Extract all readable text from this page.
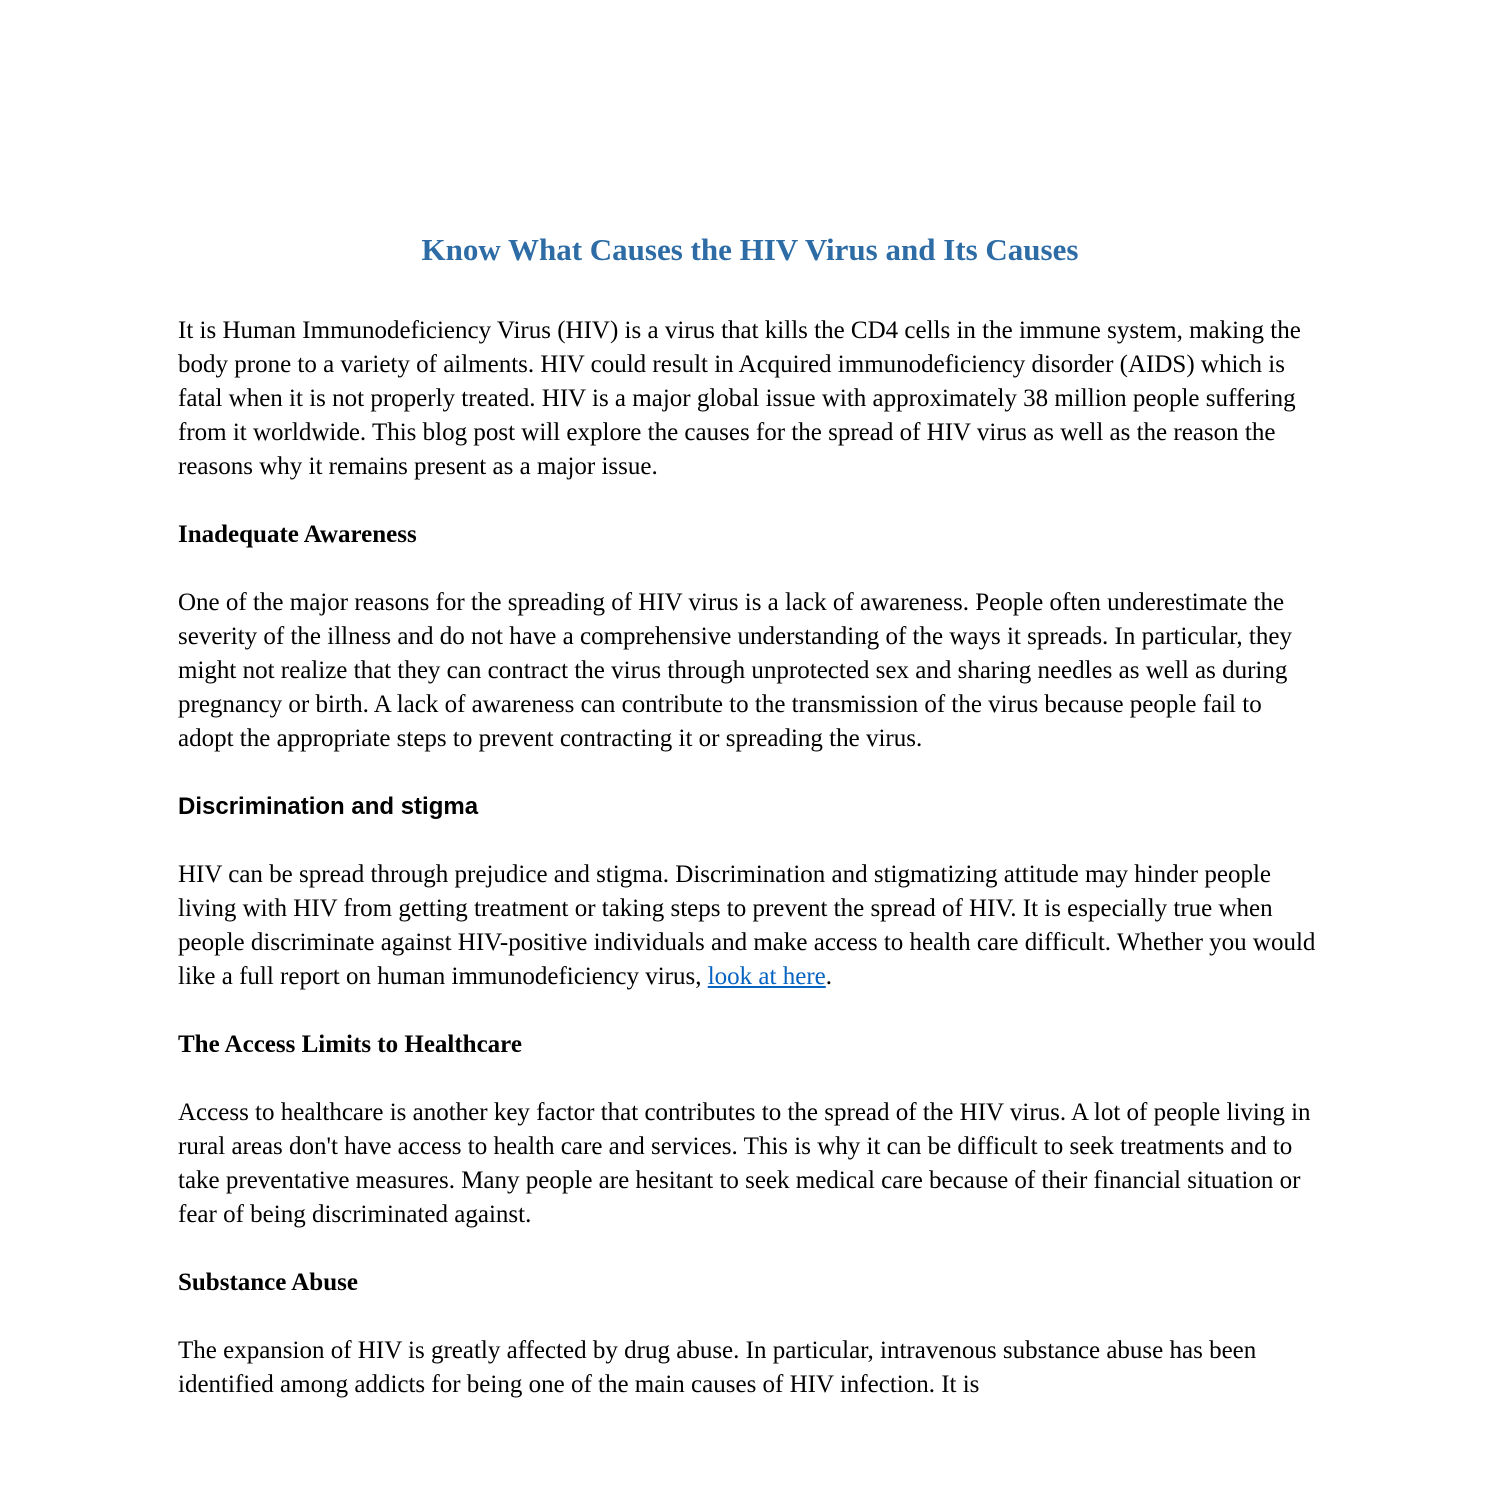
Know What Causes the HIV Virus and Its Causes

It is Human Immunodeficiency Virus (HIV) is a virus that kills the CD4 cells in the immune system, making the body prone to a variety of ailments. HIV could result in Acquired immunodeficiency disorder (AIDS) which is fatal when it is not properly treated. HIV is a major global issue with approximately 38 million people suffering from it worldwide. This blog post will explore the causes for the spread of HIV virus as well as the reason the reasons why it remains present as a major issue.

Inadequate Awareness

One of the major reasons for the spreading of HIV virus is a lack of awareness. People often underestimate the severity of the illness and do not have a comprehensive understanding of the ways it spreads. In particular, they might not realize that they can contract the virus through unprotected sex and sharing needles as well as during pregnancy or birth. A lack of awareness can contribute to the transmission of the virus because people fail to adopt the appropriate steps to prevent contracting it or spreading the virus.

Discrimination and stigma

HIV can be spread through prejudice and stigma. Discrimination and stigmatizing attitude may hinder people living with HIV from getting treatment or taking steps to prevent the spread of HIV. It is especially true when people discriminate against HIV-positive individuals and make access to health care difficult. Whether you would like a full report on human immunodeficiency virus, look at here.

The Access Limits to Healthcare

Access to healthcare is another key factor that contributes to the spread of the HIV virus. A lot of people living in rural areas don't have access to health care and services. This is why it can be difficult to seek treatments and to take preventative measures. Many people are hesitant to seek medical care because of their financial situation or fear of being discriminated against.

Substance Abuse

The expansion of HIV is greatly affected by drug abuse. In particular, intravenous substance abuse has been identified among addicts for being one of the main causes of HIV infection. It is
